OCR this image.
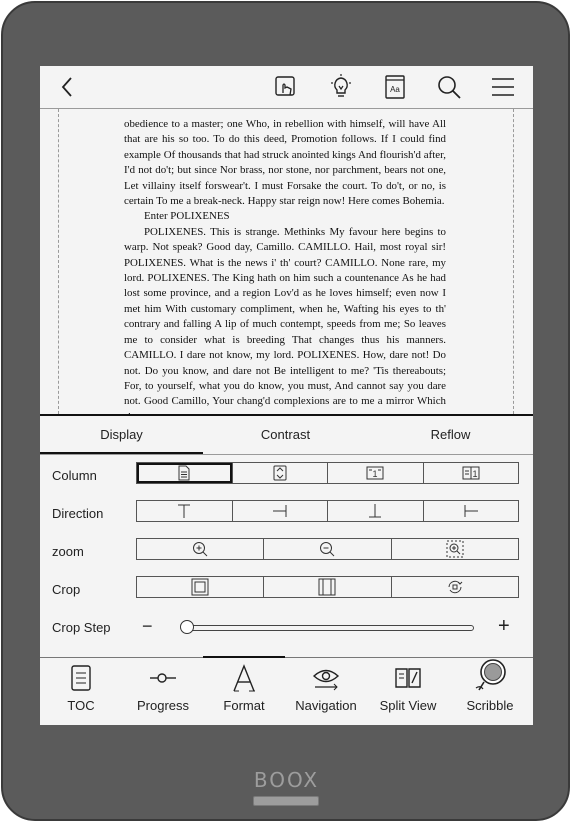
Aa

obedience to a master; one Who, in rebellion with himself, will have All that are his so too. To do this deed, Promotion follows. If I could find example Of thousands that had struck anointed kings And flourish'd after, I'd not do't; but since Nor brass, nor stone, nor parchment, bears not one, Let villainy itself forswear't. I must Forsake the court. To do't, or no, is certain To me a break-neck. Happy star reign now! Here comes Bohemia.

Enter POLIXENES

POLIXENES. This is strange. Methinks My favour here begins to warp. Not speak? Good day, Camillo. CAMILLO. Hail, most royal sir! POLIXENES. What is the news i' th' court? CAMILLO. None rare, my lord. POLIXENES. The King hath on him such a countenance As he had lost some province, and a region Lov'd as he loves himself; even now I met him With customary compliment, when he, Wafting his eyes to th' contrary and falling A lip of much contempt, speeds from me; So leaves me to consider what is breeding That changes thus his manners. CAMILLO. I dare not know, my lord. POLIXENES. How, dare not! Do not. Do you know, and dare not Be intelligent to me? 'Tis thereabouts; For, to yourself, what you do know, you must, And cannot say you dare not. Good Camillo, Your chang'd complexions are to me a mirror Which

Display	Contrast	Reflow
Column	1	1
Direction
zoom
Crop
Crop Step −	+
TOC	Progress	Format	Navigation	Split View	Scribble
BOOX
